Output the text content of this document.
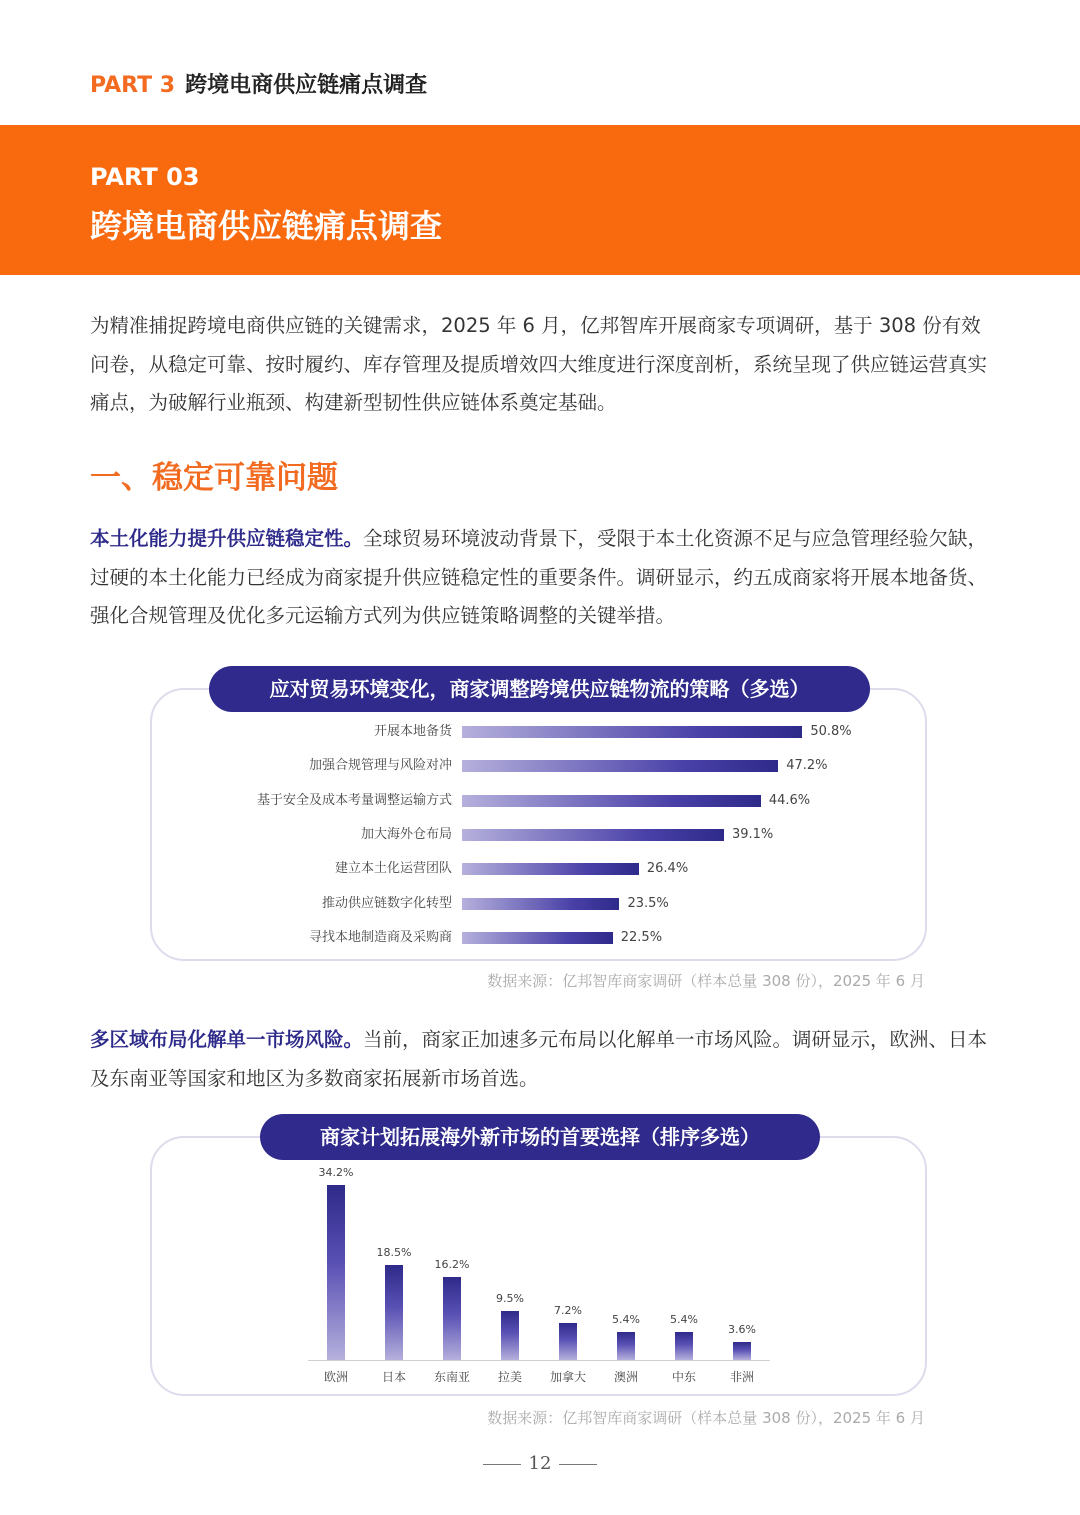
PART 3 跨境电商供应链痛点调查
PART 03
跨境电商供应链痛点调查

为精准捕捉跨境电商供应链的关键需求，2025 年 6 月，亿邦智库开展商家专项调研，基于 308 份有效问卷，从稳定可靠、按时履约、库存管理及提质增效四大维度进行深度剖析，系统呈现了供应链运营真实痛点，为破解行业瓶颈、构建新型韧性供应链体系奠定基础。

一、稳定可靠问题

本土化能力提升供应链稳定性。全球贸易环境波动背景下，受限于本土化资源不足与应急管理经验欠缺，过硬的本土化能力已经成为商家提升供应链稳定性的重要条件。调研显示，约五成商家将开展本地备货、强化合规管理及优化多元运输方式列为供应链策略调整的关键举措。

应对贸易环境变化，商家调整跨境供应链物流的策略（多选）
开展本地备货	50.8%
加强合规管理与风险对冲	47.2%
基于安全及成本考量调整运输方式	44.6%
加大海外仓布局	39.1%
建立本土化运营团队	26.4%
推动供应链数字化转型	23.5%
寻找本地制造商及采购商	22.5%
数据来源：亿邦智库商家调研（样本总量 308 份），2025 年 6 月

多区域布局化解单一市场风险。当前，商家正加速多元布局以化解单一市场风险。调研显示，欧洲、日本及东南亚等国家和地区为多数商家拓展新市场首选。

商家计划拓展海外新市场的首要选择（排序多选）
34.2%
欧洲
18.5%
日本
16.2%
东南亚
9.5%
拉美
7.2%
加拿大
5.4%
澳洲
5.4%
中东
3.6%
非洲
数据来源：亿邦智库商家调研（样本总量 308 份），2025 年 6 月
12
